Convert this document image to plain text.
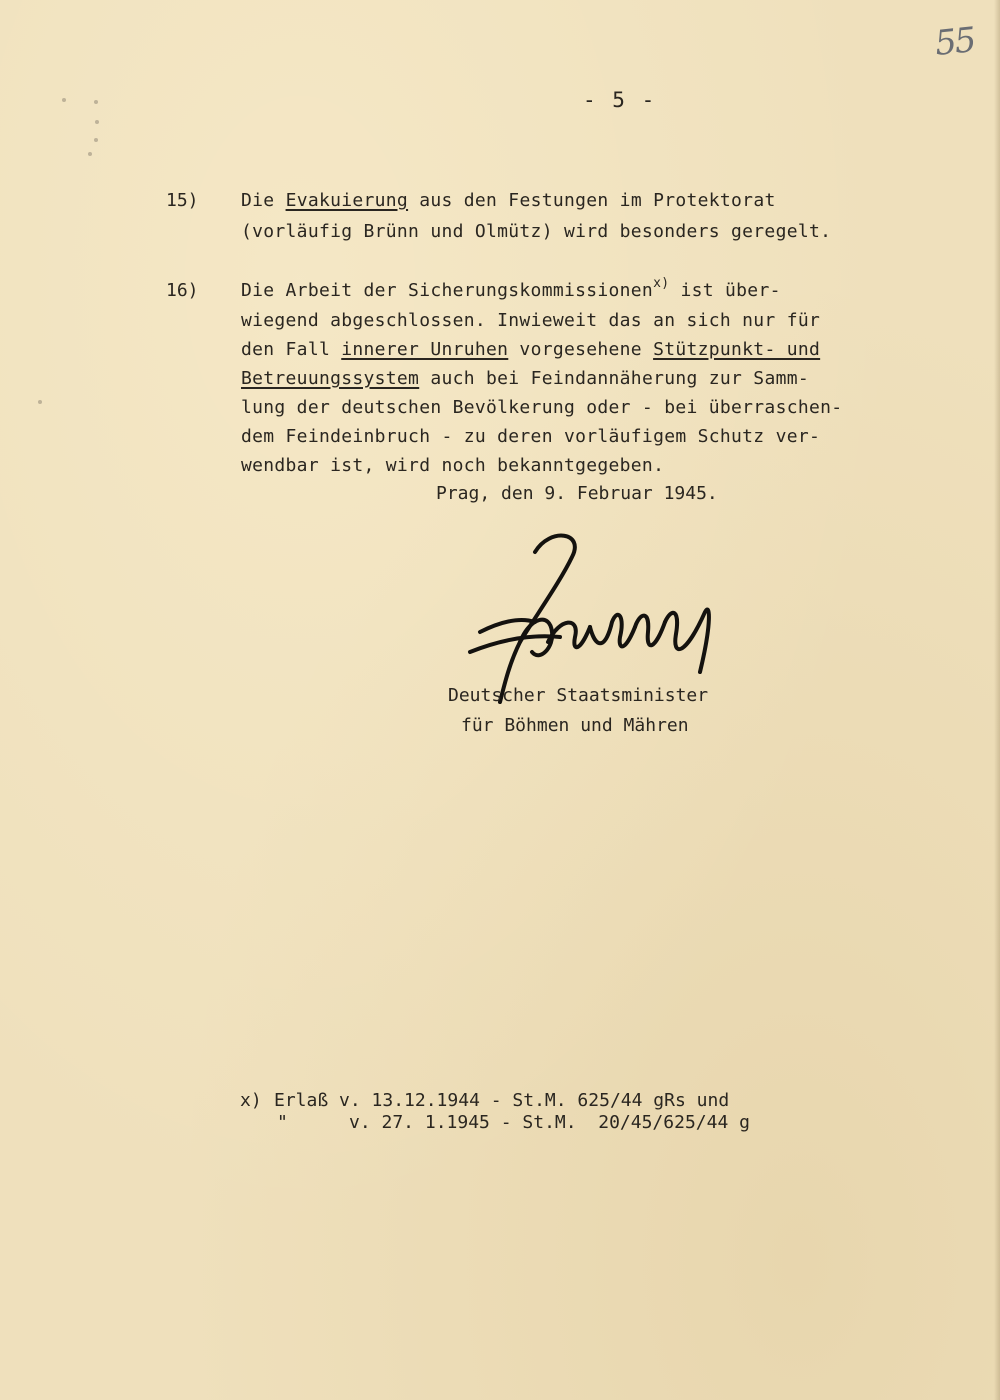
55
- 5 -
15) Die Evakuierung aus den Festungen im Protektorat
(vorläufig Brünn und Olmütz) wird besonders geregelt.
16) Die Arbeit der Sicherungskommissionen$^{x)}$ ist über-
wiegend abgeschlossen. Inwieweit das an sich nur für
den Fall innerer Unruhen vorgesehene Stützpunkt- und
Betreuungssystem auch bei Feindannäherung zur Samm-
lung der deutschen Bevölkerung oder - bei überraschen-
dem Feindeinbruch - zu deren vorläufigem Schutz ver-
wendbar ist, wird noch bekanntgegeben.
Prag, den 9. Februar 1945.
Deutscher Staatsminister
für Böhmen und Mähren
x) Erlaß v. 13.12.1944 - St.M. 625/44 gRs und
"	v. 27. 1.1945 - St.M.  20/45/625/44 g
